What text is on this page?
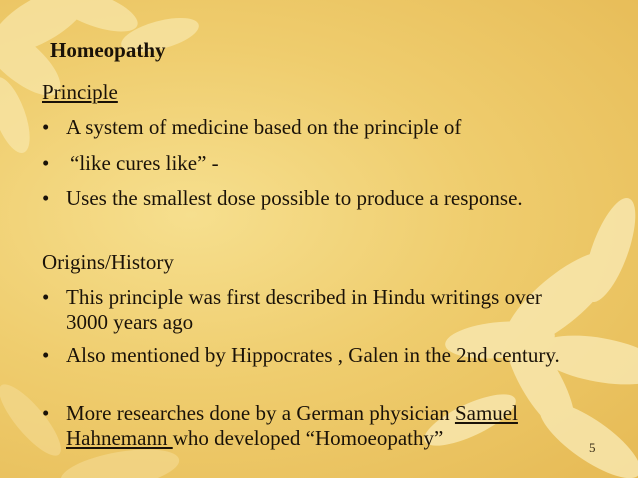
Homeopathy
Principle
• A system of medicine based on the principle of
• “like cures like” -
• Uses the smallest dose possible to produce a response.
Origins/History
• This principle was first described in Hindu writings over 3000 years ago
• Also mentioned by Hippocrates , Galen in the 2nd century.
• More researches done by a German physician Samuel Hahnemann who developed “Homoeopathy”	5
